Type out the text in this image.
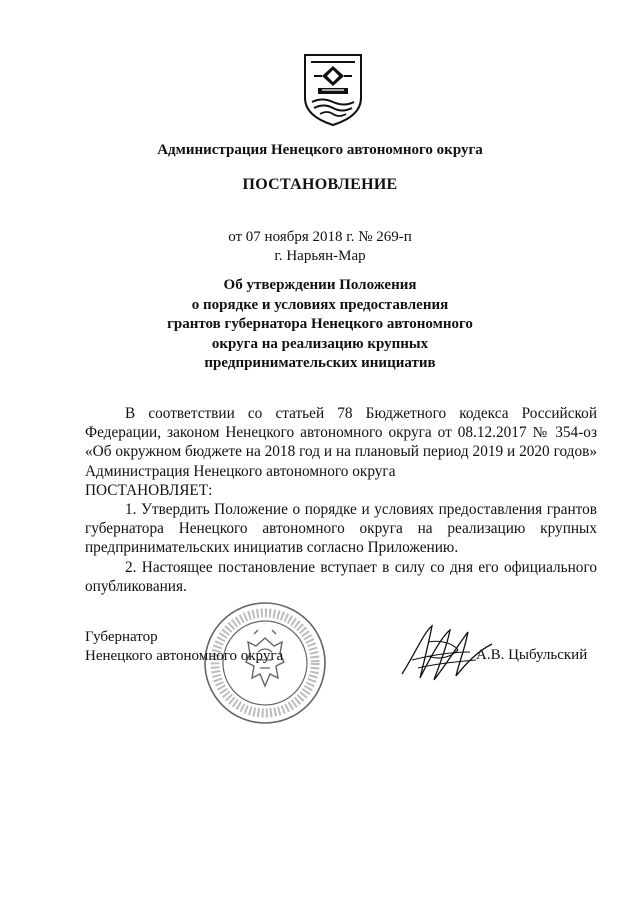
Администрация Ненецкого автономного округа
ПОСТАНОВЛЕНИЕ
от 07 ноября 2018 г. № 269-п
г. Нарьян-Мар
Об утверждении Положения
о порядке и условиях предоставления
грантов губернатора Ненецкого автономного
округа на реализацию крупных
предпринимательских инициатив

В соответствии со статьей 78 Бюджетного кодекса Российской Федерации, законом Ненецкого автономного округа от 08.12.2017 № 354-оз «Об окружном бюджете на 2018 год и на плановый период 2019 и 2020 годов» Администрация Ненецкого автономного округа

ПОСТАНОВЛЯЕТ:

1. Утвердить Положение о порядке и условиях предоставления грантов губернатора Ненецкого автономного округа на реализацию крупных предпринимательских инициатив согласно Приложению.

2. Настоящее постановление вступает в силу со дня его официального опубликования.

Губернатор
Ненецкого автономного округа	А.В. Цыбульский
